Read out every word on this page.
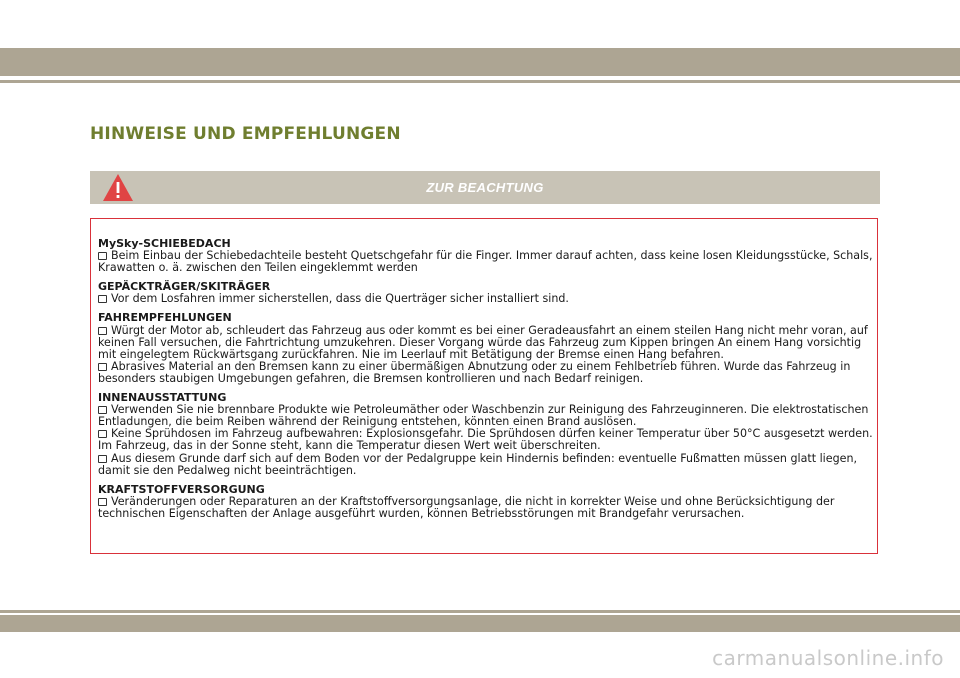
HINWEISE UND EMPFEHLUNGEN
ZUR BEACHTUNG
MySky-SCHIEBEDACH

Beim Einbau der Schiebedachteile besteht Quetschgefahr für die Finger. Immer darauf achten, dass keine losen Kleidungsstücke, Schals, Krawatten o. ä. zwischen den Teilen eingeklemmt werden

GEPÄCKTRÄGER/SKITRÄGER

Vor dem Losfahren immer sicherstellen, dass die Querträger sicher installiert sind.

FAHREMPFEHLUNGEN

Würgt der Motor ab, schleudert das Fahrzeug aus oder kommt es bei einer Geradeausfahrt an einem steilen Hang nicht mehr voran, auf keinen Fall versuchen, die Fahrtrichtung umzukehren. Dieser Vorgang würde das Fahrzeug zum Kippen bringen An einem Hang vorsichtig mit eingelegtem Rückwärtsgang zurückfahren. Nie im Leerlauf mit Betätigung der Bremse einen Hang befahren.

Abrasives Material an den Bremsen kann zu einer übermäßigen Abnutzung oder zu einem Fehlbetrieb führen. Wurde das Fahrzeug in besonders staubigen Umgebungen gefahren, die Bremsen kontrollieren und nach Bedarf reinigen.

INNENAUSSTATTUNG

Verwenden Sie nie brennbare Produkte wie Petroleumäther oder Waschbenzin zur Reinigung des Fahrzeuginneren. Die elektrostatischen Entladungen, die beim Reiben während der Reinigung entstehen, könnten einen Brand auslösen.

Keine Sprühdosen im Fahrzeug aufbewahren: Explosionsgefahr. Die Sprühdosen dürfen keiner Temperatur über 50°C ausgesetzt werden. Im Fahrzeug, das in der Sonne steht, kann die Temperatur diesen Wert weit überschreiten.

Aus diesem Grunde darf sich auf dem Boden vor der Pedalgruppe kein Hindernis befinden: eventuelle Fußmatten müssen glatt liegen, damit sie den Pedalweg nicht beeinträchtigen.

KRAFTSTOFFVERSORGUNG

Veränderungen oder Reparaturen an der Kraftstoffversorgungsanlage, die nicht in korrekter Weise und ohne Berücksichtigung der technischen Eigenschaften der Anlage ausgeführt wurden, können Betriebsstörungen mit Brandgefahr verursachen.

carmanualsonline.info
